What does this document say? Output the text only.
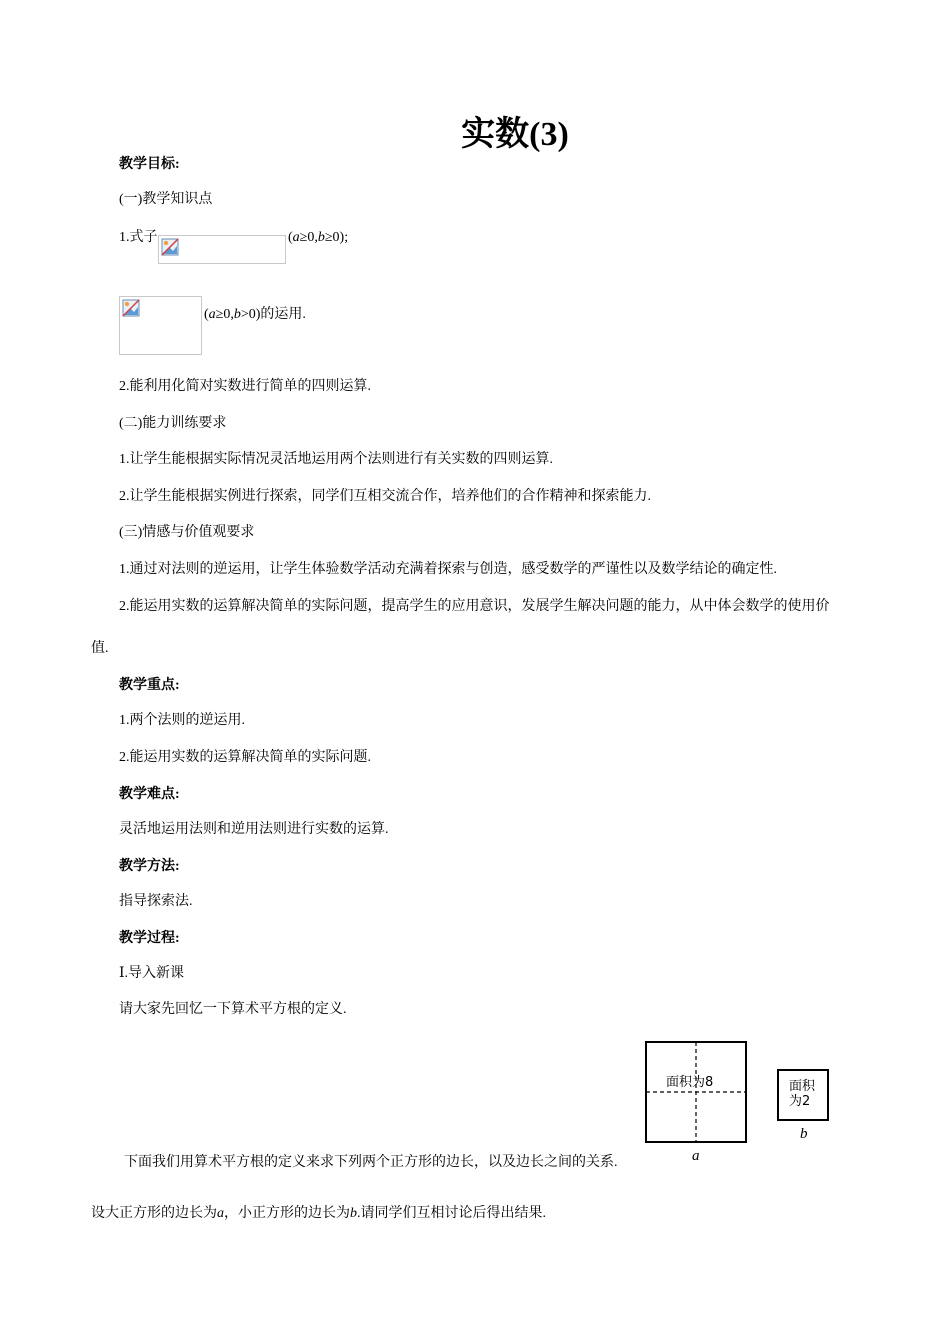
实数(3)
教学目标:
(一)教学知识点
1.式子	(a≥0,b≥0);
(a≥0,b>0)的运用.
2.能利用化简对实数进行简单的四则运算.
(二)能力训练要求
1.让学生能根据实际情况灵活地运用两个法则进行有关实数的四则运算.
2.让学生能根据实例进行探索，同学们互相交流合作，培养他们的合作精神和探索能力.
(三)情感与价值观要求
1.通过对法则的逆运用，让学生体验数学活动充满着探索与创造，感受数学的严谨性以及数学结论的确定性.
2.能运用实数的运算解决简单的实际问题，提高学生的应用意识，发展学生解决问题的能力，从中体会数学的使用价
值.
教学重点:
1.两个法则的逆运用.
2.能运用实数的运算解决简单的实际问题.
教学难点:
灵活地运用法则和逆用法则进行实数的运算.
教学方法:
指导探索法.
教学过程:
Ⅰ.导入新课
请大家先回忆一下算术平方根的定义.
下面我们用算术平方根的定义来求下列两个正方形的边长，以及边长之间的关系.
设大正方形的边长为a，小正方形的边长为b.请同学们互相讨论后得出结果.
面积为8
a
面积
为2
b
